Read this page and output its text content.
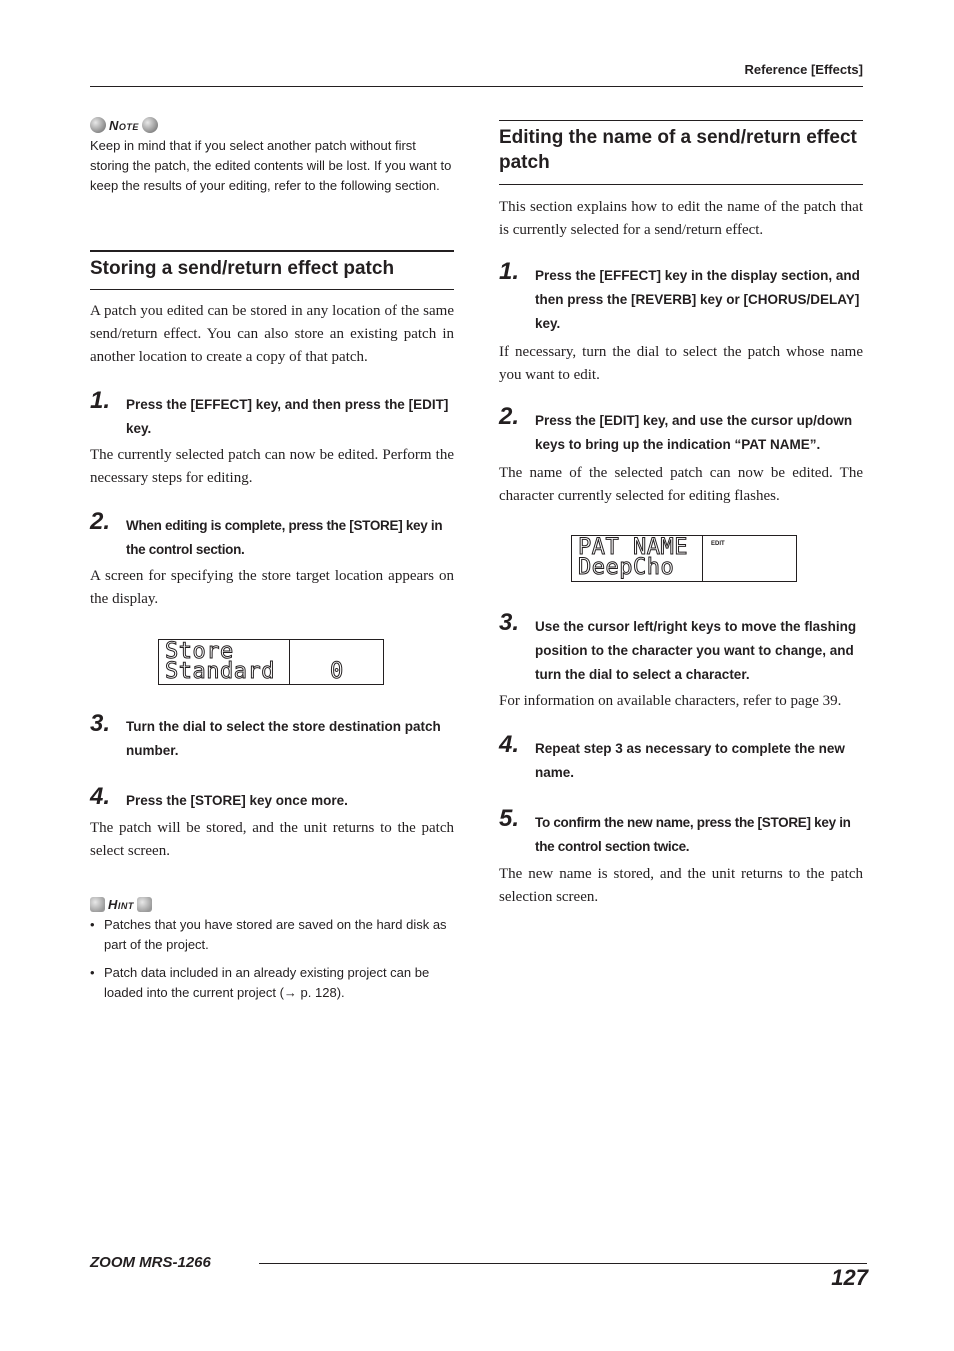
Reference [Effects]
Note

Keep in mind that if you select another patch without first storing the patch, the edited contents will be lost. If you want to keep the results of your editing, refer to the following section.

Storing a send/return effect patch

A patch you edited can be stored in any location of the same send/return effect. You can also store an existing patch in another location to create a copy of that patch.

1. Press the [EFFECT] key, and then press the [EDIT] key.

The currently selected patch can now be edited. Perform the necessary steps for editing.

2. When editing is complete, press the [STORE] key in the control section.

A screen for specifying the store target location appears on the display.

Store
Standard    0
3. Turn the dial to select the store destination patch number.

4. Press the [STORE] key once more.

The patch will be stored, and the unit returns to the patch select screen.

Hint
• Patches that you have stored are saved on the hard disk as part of the project.
• Patch data included in an already existing project can be loaded into the current project (→ p. 128).
Editing the name of a send/return effect patch

This section explains how to edit the name of the patch that is currently selected for a send/return effect.

1. Press the [EFFECT] key in the display section, and then press the [REVERB] key or [CHORUS/DELAY] key.

If necessary, turn the dial to select the patch whose name you want to edit.

2. Press the [EDIT] key, and use the cursor up/down keys to bring up the indication “PAT NAME”.

The name of the selected patch can now be edited. The character currently selected for editing flashes.

PAT NAME
DeepCho
EDIT
3. Use the cursor left/right keys to move the flashing position to the character you want to change, and turn the dial to select a character.

For information on available characters, refer to page 39.

4. Repeat step 3 as necessary to complete the new name.

5. To confirm the new name, press the [STORE] key in the control section twice.

The new name is stored, and the unit returns to the patch selection screen.

ZOOM MRS-1266
127
